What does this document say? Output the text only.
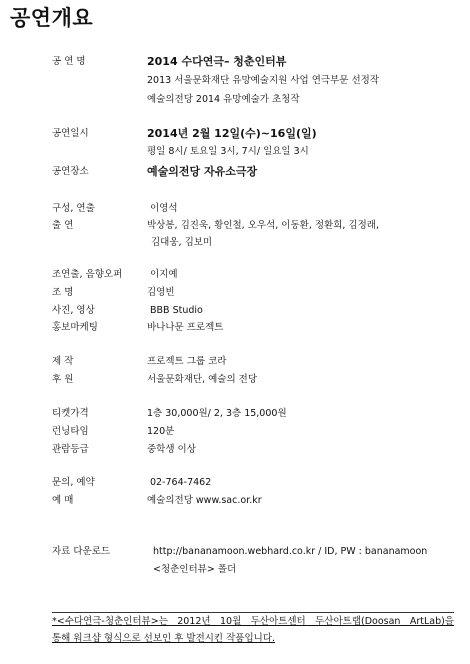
공연개요
공 연 명	2014 수다연극– 청춘인터뷰
2013 서울문화재단 유망예술지원 사업 연극부문 선정작
예술의전당 2014 유망예술가 초청작
공연일시	2014년 2월 12일(수)~16일(일)
평일 8시/ 토요일 3시, 7시/ 일요일 3시
공연장소	예술의전당 자유소극장
구성, 연출	이영석
출 연	박상봉, 김진욱, 황인철, 오우석, 이동환, 정환희, 김정래,
김대웅, 김보미
조연출, 음향오퍼	이지예
조 명	김영빈
사진, 영상	BBB Studio
홍보마케팅	바나나문 프로젝트
제 작	프로젝트 그룹 코라
후 원	서울문화재단, 예술의 전당
티켓가격	1층 30,000원/ 2, 3층 15,000원
런닝타임	120분
관람등급	중학생 이상
문의, 예약	02-764-7462
예 매	예술의전당 www.sac.or.kr
자료 다운로드	http://bananamoon.webhard.co.kr / ID, PW : bananamoon
<청춘인터뷰> 폴더
*<수다연극-청춘인터뷰>는 2012년 10월 두산아트센터 두산아트랩(Doosan ArtLab)을
통해 워크샵 형식으로 선보인 후 발전시킨 작품입니다.
